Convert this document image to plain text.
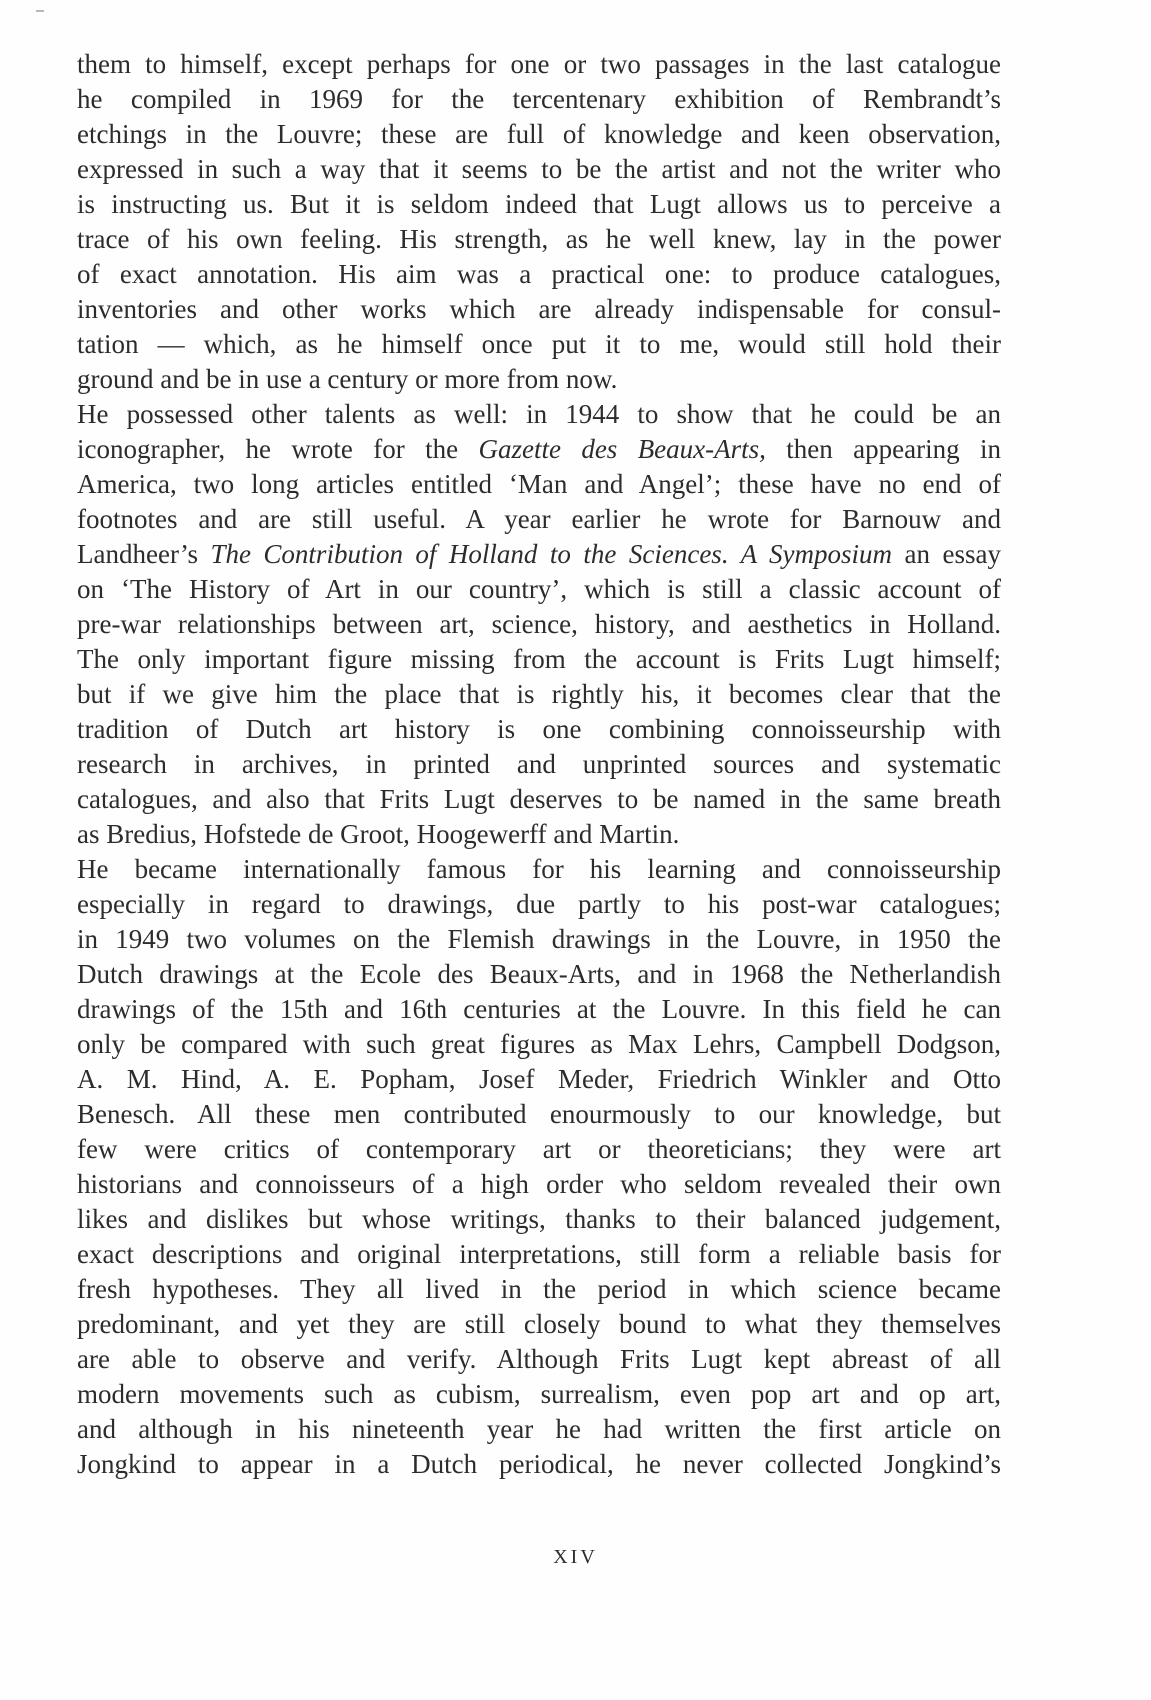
them to himself, except perhaps for one or two passages in the last catalogue
he compiled in 1969 for the tercentenary exhibition of Rembrandt’s
etchings in the Louvre; these are full of knowledge and keen observation,
expressed in such a way that it seems to be the artist and not the writer who
is instructing us. But it is seldom indeed that Lugt allows us to perceive a
trace of his own feeling. His strength, as he well knew, lay in the power
of exact annotation. His aim was a practical one: to produce catalogues,
inventories and other works which are already indispensable for consul-
tation — which, as he himself once put it to me, would still hold their
ground and be in use a century or more from now.

He possessed other talents as well: in 1944 to show that he could be an
iconographer, he wrote for the Gazette des Beaux-Arts, then appearing in
America, two long articles entitled ‘Man and Angel’; these have no end of
footnotes and are still useful. A year earlier he wrote for Barnouw and
Landheer’s The Contribution of Holland to the Sciences. A Symposium an essay
on ‘The History of Art in our country’, which is still a classic account of
pre-war relationships between art, science, history, and aesthetics in Holland.
The only important figure missing from the account is Frits Lugt himself;
but if we give him the place that is rightly his, it becomes clear that the
tradition of Dutch art history is one combining connoisseurship with
research in archives, in printed and unprinted sources and systematic
catalogues, and also that Frits Lugt deserves to be named in the same breath
as Bredius, Hofstede de Groot, Hoogewerff and Martin.

He became internationally famous for his learning and connoisseurship
especially in regard to drawings, due partly to his post-war catalogues;
in 1949 two volumes on the Flemish drawings in the Louvre, in 1950 the
Dutch drawings at the Ecole des Beaux-Arts, and in 1968 the Netherlandish
drawings of the 15th and 16th centuries at the Louvre. In this field he can
only be compared with such great figures as Max Lehrs, Campbell Dodgson,
A. M. Hind, A. E. Popham, Josef Meder, Friedrich Winkler and Otto
Benesch. All these men contributed enourmously to our knowledge, but
few were critics of contemporary art or theoreticians; they were art
historians and connoisseurs of a high order who seldom revealed their own
likes and dislikes but whose writings, thanks to their balanced judgement,
exact descriptions and original interpretations, still form a reliable basis for
fresh hypotheses. They all lived in the period in which science became
predominant, and yet they are still closely bound to what they themselves
are able to observe and verify. Although Frits Lugt kept abreast of all
modern movements such as cubism, surrealism, even pop art and op art,
and although in his nineteenth year he had written the first article on
Jongkind to appear in a Dutch periodical, he never collected Jongkind’s

XIV
